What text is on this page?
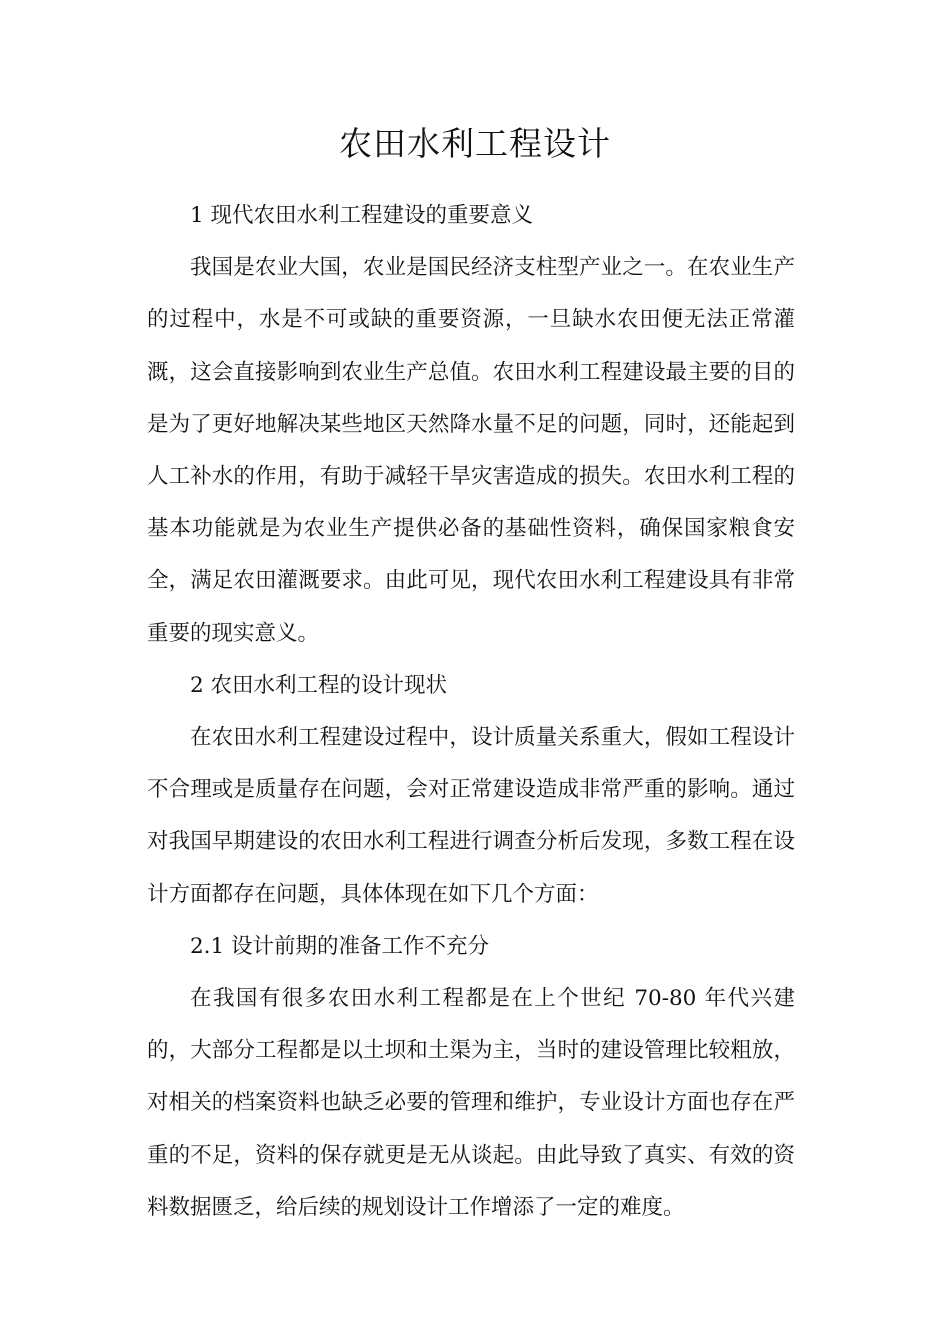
农田水利工程设计

1 现代农田水利工程建设的重要意义

我国是农业大国，农业是国民经济支柱型产业之一。在农业生产的过程中，水是不可或缺的重要资源，一旦缺水农田便无法正常灌溉，这会直接影响到农业生产总值。农田水利工程建设最主要的目的是为了更好地解决某些地区天然降水量不足的问题，同时，还能起到人工补水的作用，有助于减轻干旱灾害造成的损失。农田水利工程的基本功能就是为农业生产提供必备的基础性资料，确保国家粮食安全，满足农田灌溉要求。由此可见，现代农田水利工程建设具有非常重要的现实意义。

2 农田水利工程的设计现状

在农田水利工程建设过程中，设计质量关系重大，假如工程设计不合理或是质量存在问题，会对正常建设造成非常严重的影响。通过对我国早期建设的农田水利工程进行调查分析后发现，多数工程在设计方面都存在问题，具体体现在如下几个方面：

2.1 设计前期的准备工作不充分

在我国有很多农田水利工程都是在上个世纪 70-80 年代兴建的，大部分工程都是以土坝和土渠为主，当时的建设管理比较粗放，对相关的档案资料也缺乏必要的管理和维护，专业设计方面也存在严重的不足，资料的保存就更是无从谈起。由此导致了真实、有效的资料数据匮乏，给后续的规划设计工作增添了一定的难度。
